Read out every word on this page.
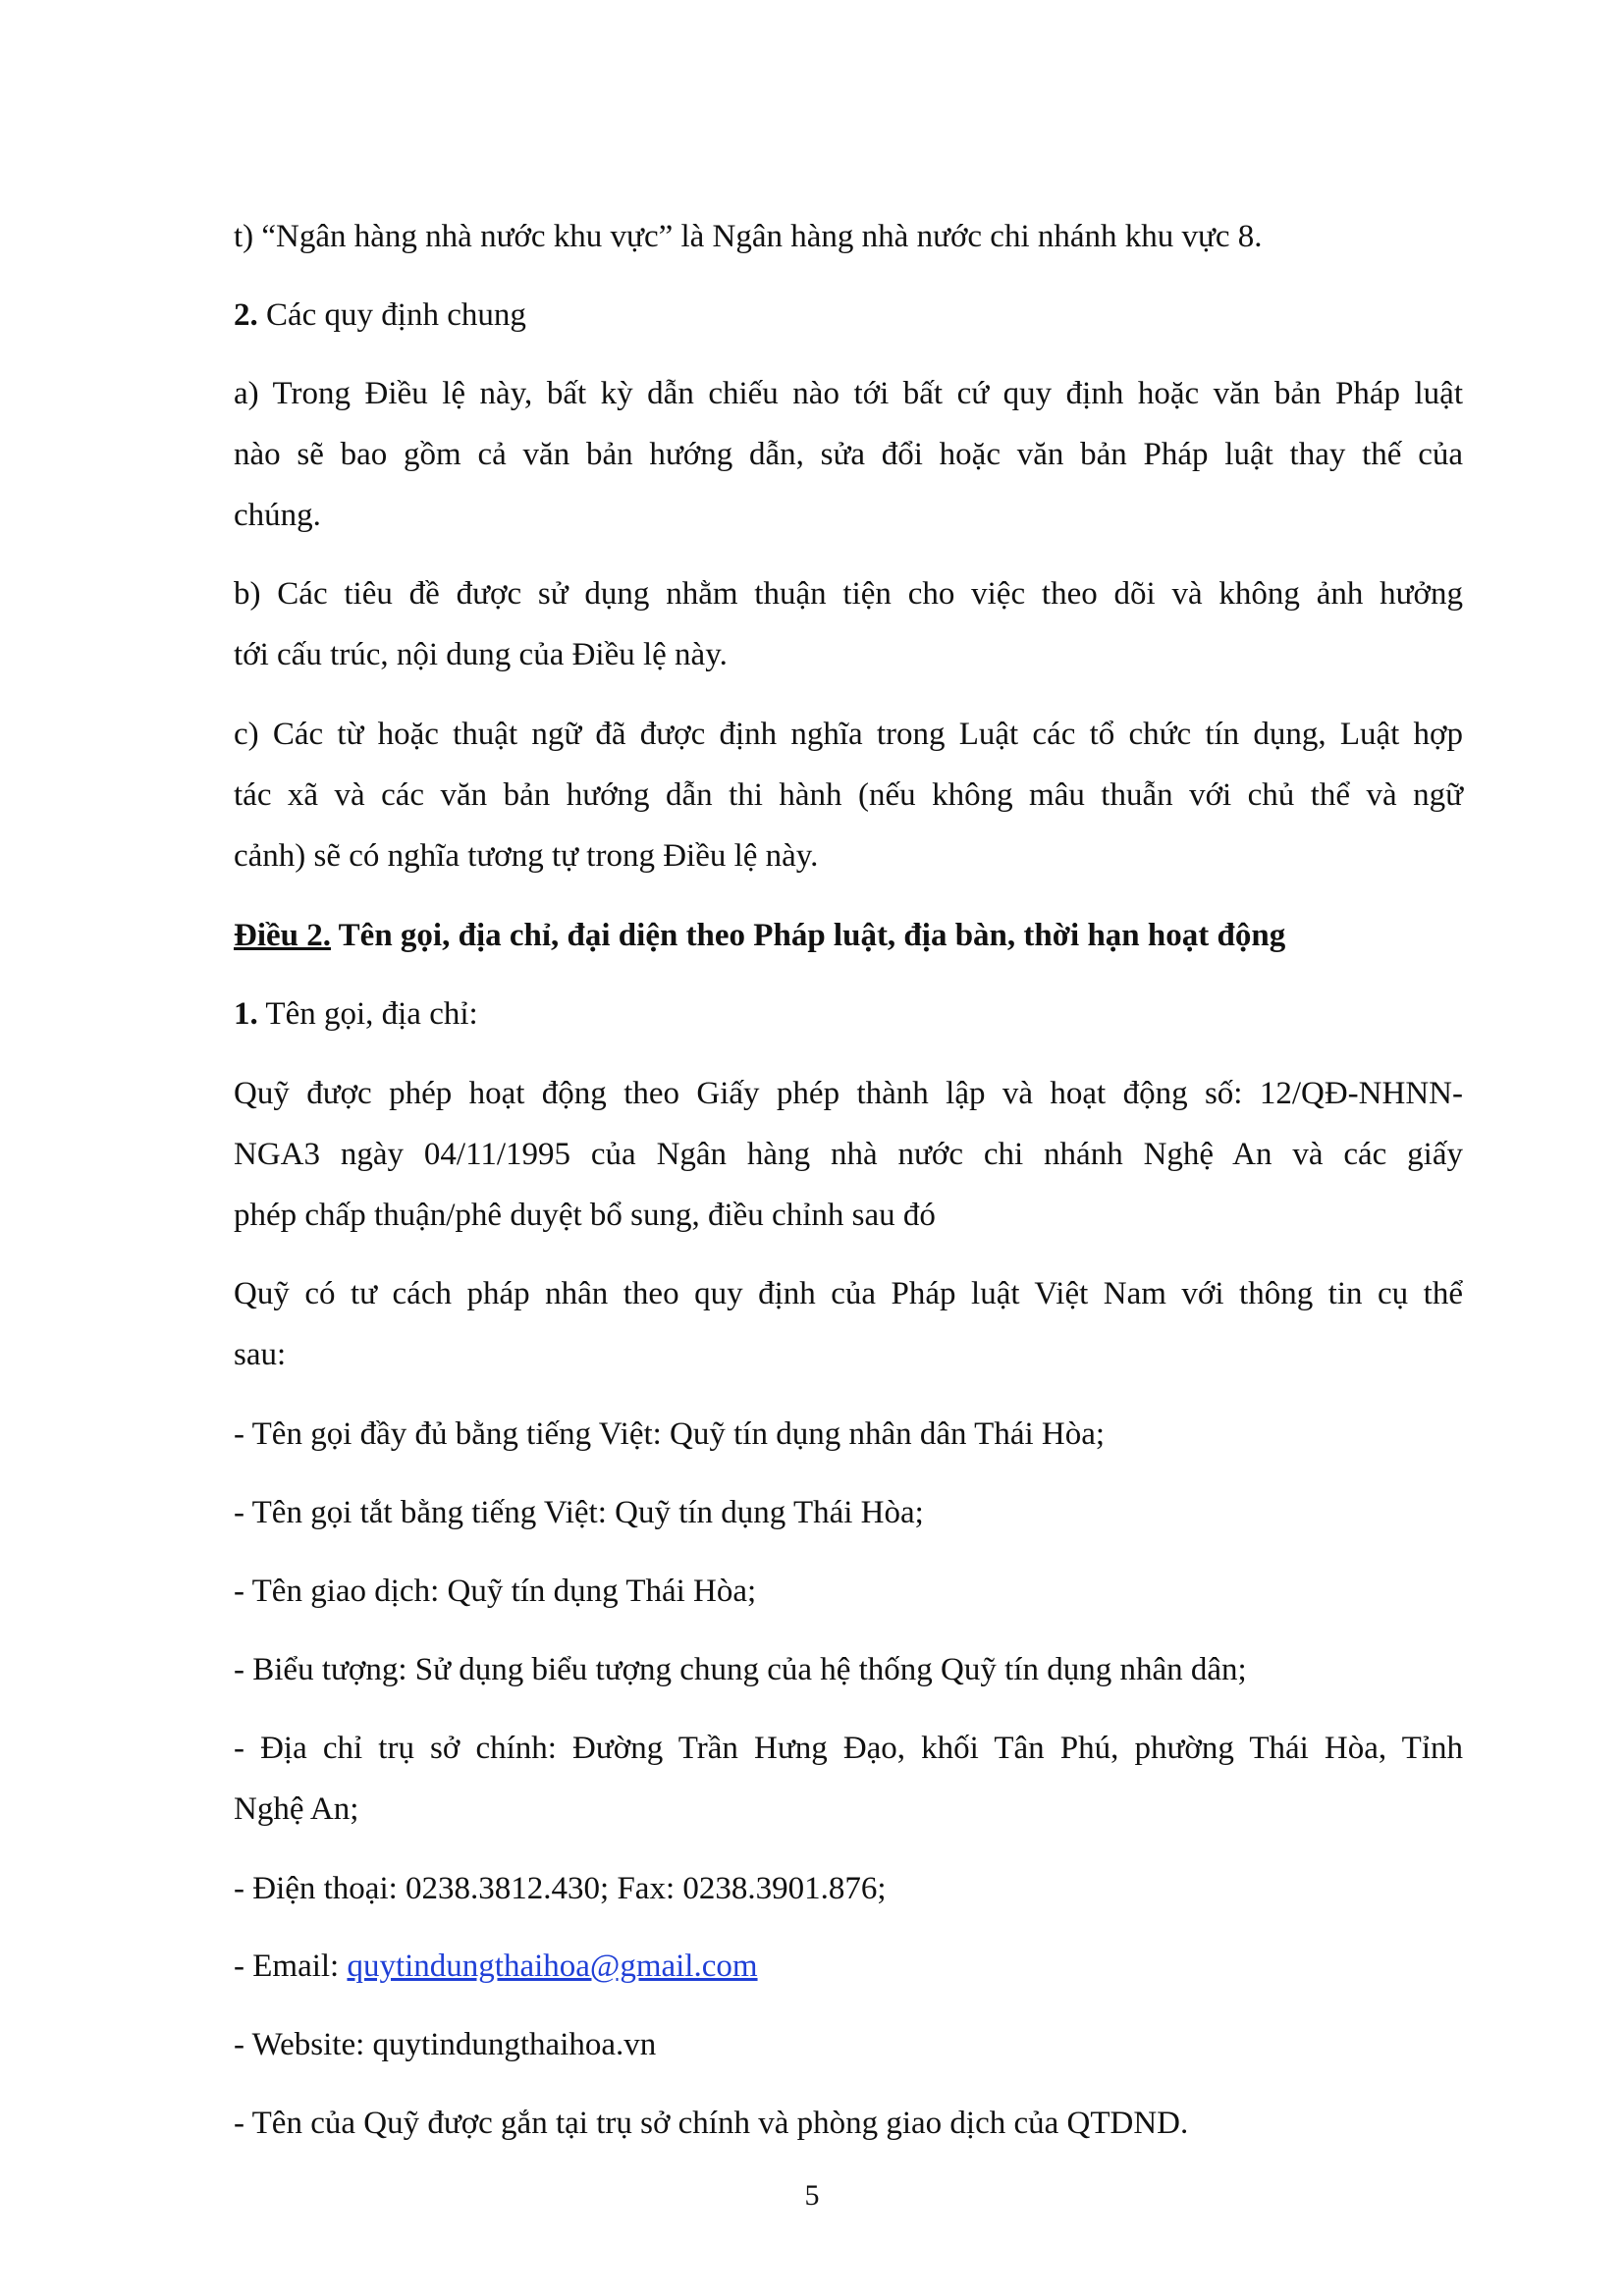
t) “Ngân hàng nhà nước khu vực” là Ngân hàng nhà nước chi nhánh khu vực 8.
2. Các quy định chung
a) Trong Điều lệ này, bất kỳ dẫn chiếu nào tới bất cứ quy định hoặc văn bản Pháp luật
nào sẽ bao gồm cả văn bản hướng dẫn, sửa đổi hoặc văn bản Pháp luật thay thế của
chúng.
b) Các tiêu đề được sử dụng nhằm thuận tiện cho việc theo dõi và không ảnh hưởng
tới cấu trúc, nội dung của Điều lệ này.
c) Các từ hoặc thuật ngữ đã được định nghĩa trong Luật các tổ chức tín dụng, Luật hợp
tác xã và các văn bản hướng dẫn thi hành (nếu không mâu thuẫn với chủ thể và ngữ
cảnh) sẽ có nghĩa tương tự trong Điều lệ này.
Điều 2. Tên gọi, địa chỉ, đại diện theo Pháp luật, địa bàn, thời hạn hoạt động
1. Tên gọi, địa chỉ:
Quỹ được phép hoạt động theo Giấy phép thành lập và hoạt động số: 12/QĐ-NHNN-
NGA3 ngày 04/11/1995 của Ngân hàng nhà nước chi nhánh Nghệ An và các giấy
phép chấp thuận/phê duyệt bổ sung, điều chỉnh sau đó
Quỹ có tư cách pháp nhân theo quy định của Pháp luật Việt Nam với thông tin cụ thể
sau:
- Tên gọi đầy đủ bằng tiếng Việt: Quỹ tín dụng nhân dân Thái Hòa;
- Tên gọi tắt bằng tiếng Việt: Quỹ tín dụng Thái Hòa;
- Tên giao dịch: Quỹ tín dụng Thái Hòa;
- Biểu tượng: Sử dụng biểu tượng chung của hệ thống Quỹ tín dụng nhân dân;
- Địa chỉ trụ sở chính: Đường Trần Hưng Đạo, khối Tân Phú, phường Thái Hòa, Tỉnh
Nghệ An;
- Điện thoại: 0238.3812.430; Fax: 0238.3901.876;
- Email: quytindungthaihoa@gmail.com
- Website: quytindungthaihoa.vn
- Tên của Quỹ được gắn tại trụ sở chính và phòng giao dịch của QTDND.
5
